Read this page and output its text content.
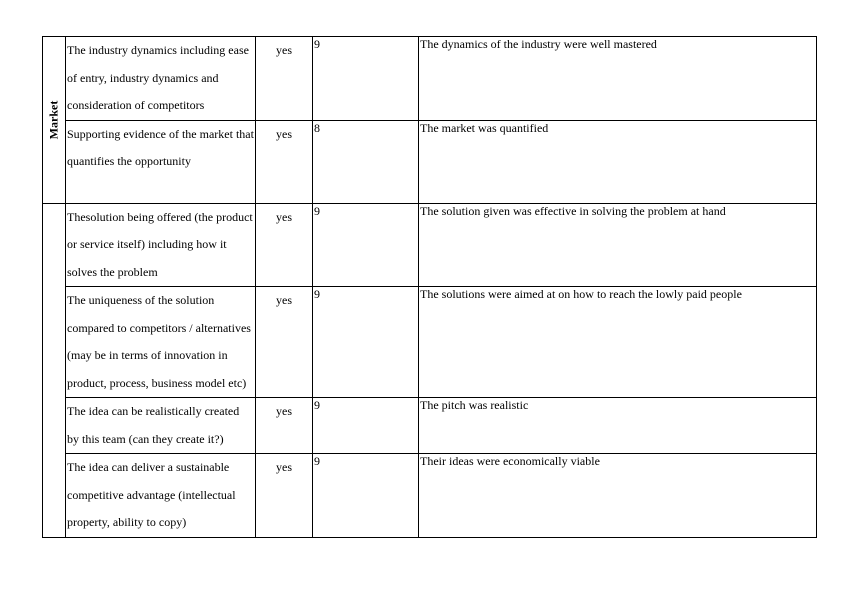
Market	The industry dynamics including ease of entry, industry dynamics and consideration of competitors	yes	9	The dynamics of the industry were well mastered
	Supporting evidence of the market that quantifies the opportunity	yes	8	The market was quantified

	Thesolution being offered (the product or service itself) including how it solves the problem	yes	9	The solution given was effective in solving the problem at hand
	The uniqueness of the solution compared to competitors / alternatives (may be in terms of innovation in product, process, business model etc)	yes	9	The solutions were aimed at on how to reach the lowly paid people
	The idea can be realistically created by this team (can they create it?)	yes	9	The pitch was realistic
	The idea can deliver a sustainable competitive advantage (intellectual property, ability to copy)	yes	9	Their ideas were economically viable
